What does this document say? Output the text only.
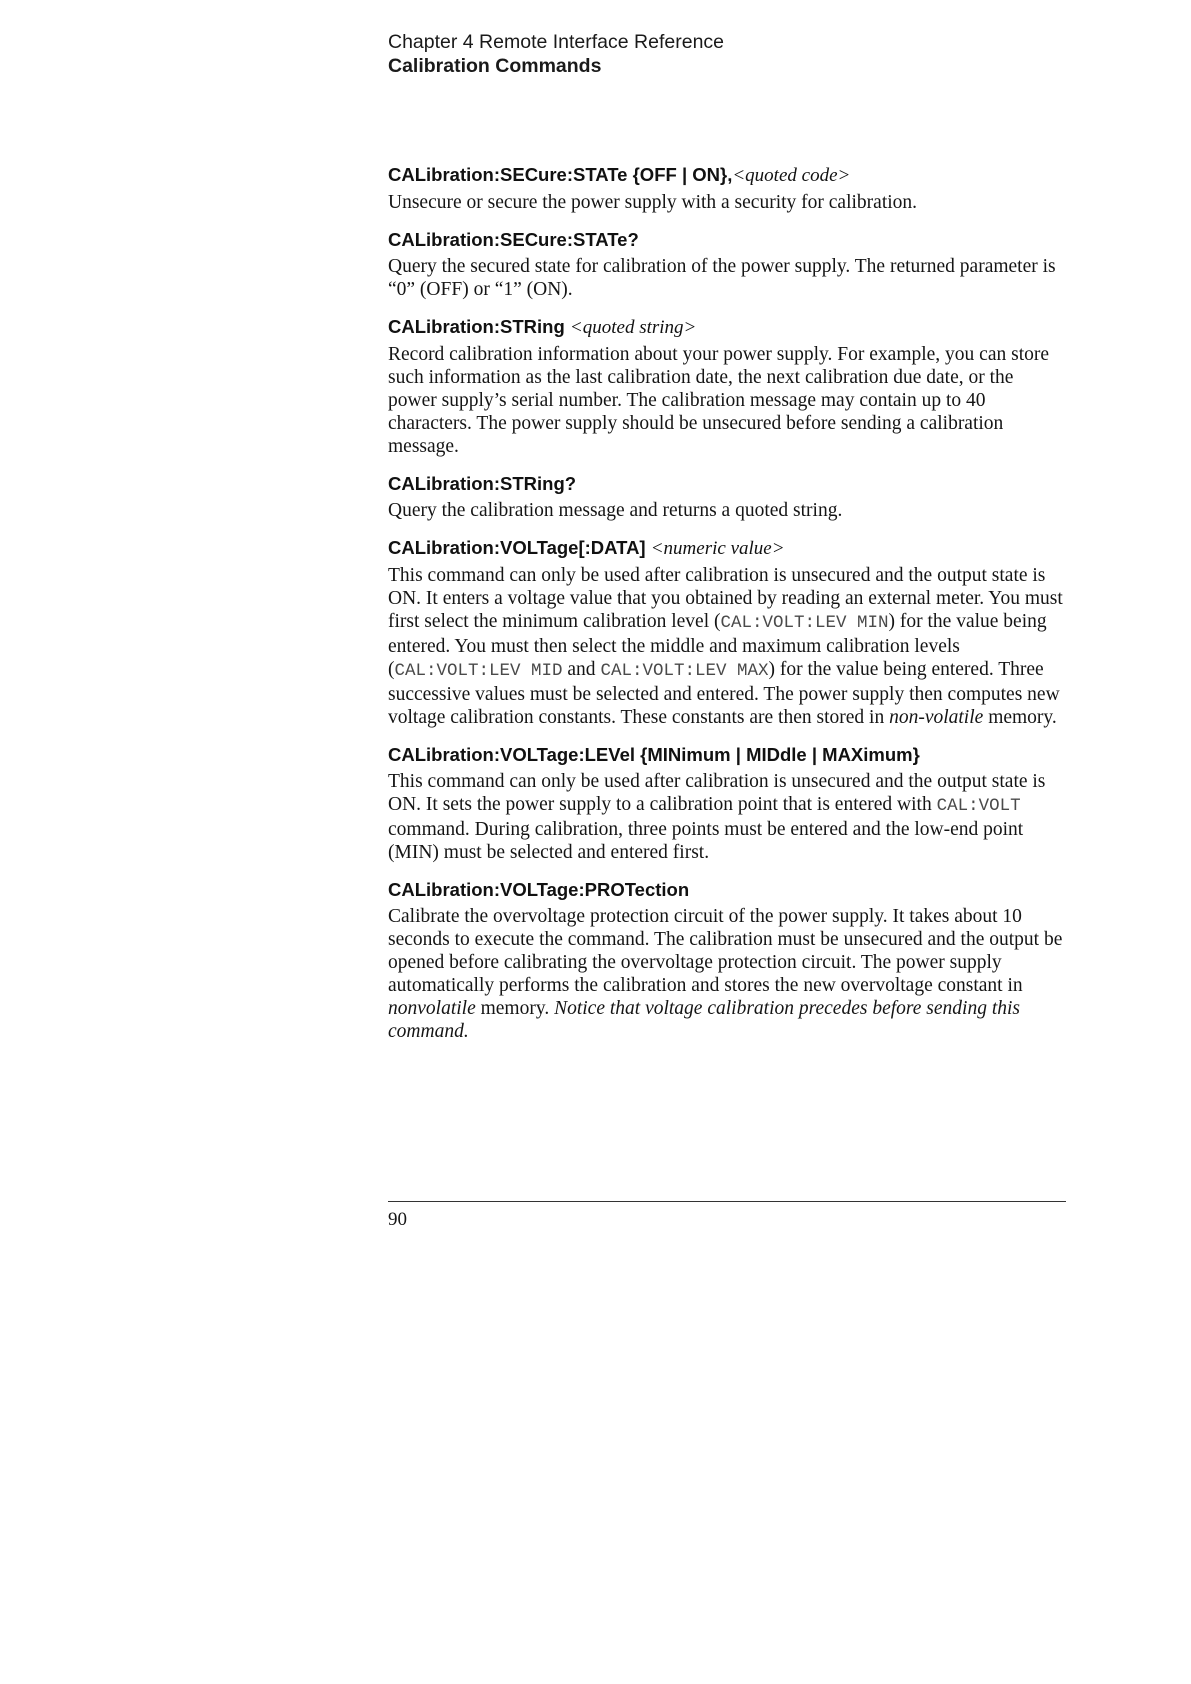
Chapter 4 Remote Interface Reference
Calibration Commands
CALibration:SECure:STATe {OFF | ON},<quoted code>
Unsecure or secure the power supply with a security for calibration.
CALibration:SECure:STATe?
Query the secured state for calibration of the power supply. The returned parameter is “0” (OFF) or “1” (ON).
CALibration:STRing <quoted string>
Record calibration information about your power supply. For example, you can store such information as the last calibration date, the next calibration due date, or the power supply’s serial number. The calibration message may contain up to 40 characters. The power supply should be unsecured before sending a calibration message.
CALibration:STRing?
Query the calibration message and returns a quoted string.
CALibration:VOLTage[:DATA] <numeric value>
This command can only be used after calibration is unsecured and the output state is ON. It enters a voltage value that you obtained by reading an external meter. You must first select the minimum calibration level (CAL:VOLT:LEV MIN) for the value being entered. You must then select the middle and maximum calibration levels (CAL:VOLT:LEV MID and CAL:VOLT:LEV MAX) for the value being entered. Three successive values must be selected and entered. The power supply then computes new voltage calibration constants. These constants are then stored in non-volatile memory.
CALibration:VOLTage:LEVel {MINimum | MIDdle | MAXimum}
This command can only be used after calibration is unsecured and the output state is ON. It sets the power supply to a calibration point that is entered with CAL:VOLT command. During calibration, three points must be entered and the low-end point (MIN) must be selected and entered first.
CALibration:VOLTage:PROTection
Calibrate the overvoltage protection circuit of the power supply. It takes about 10 seconds to execute the command. The calibration must be unsecured and the output be opened before calibrating the overvoltage protection circuit. The power supply automatically performs the calibration and stores the new overvoltage constant in nonvolatile memory. Notice that voltage calibration precedes before sending this command.
90
